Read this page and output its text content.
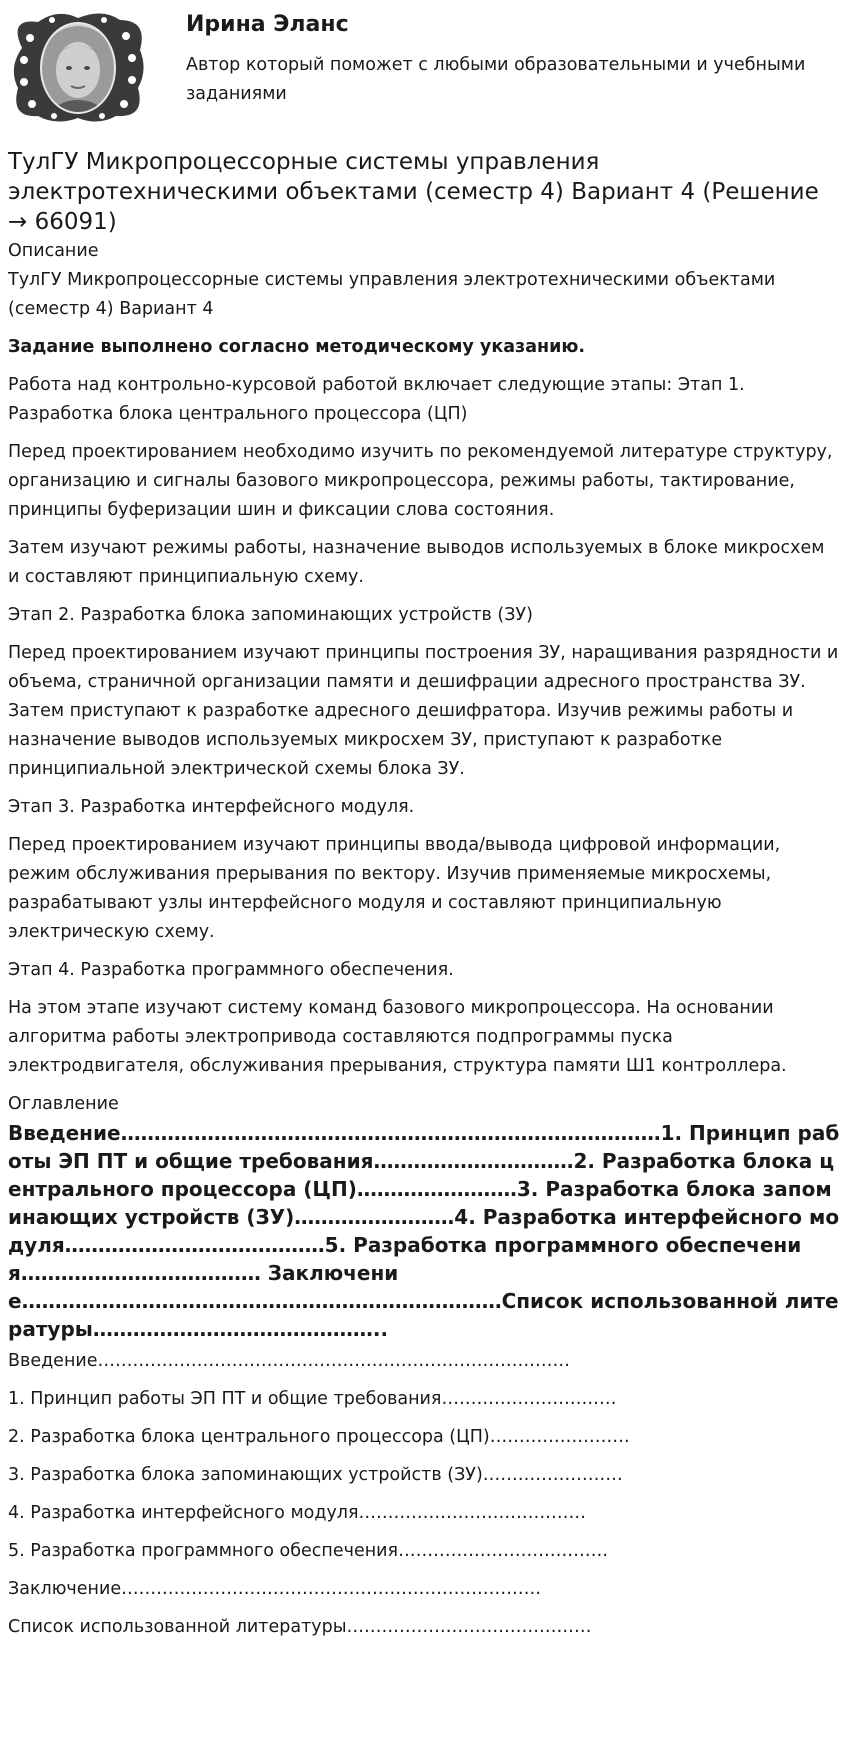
Ирина Эланс
Автор который поможет с любыми образовательными и учебными заданиями
ТулГУ Микропроцессорные системы управления электротехническими объектами (семестр 4) Вариант 4 (Решение → 66091)
Описание

ТулГУ Микропроцессорные системы управления электротехническими объектами (семестр 4) Вариант 4

Задание выполнено согласно методическому указанию.

Работа над контрольно-курсовой работой включает следующие этапы: Этап 1. Разработка блока центрального процессора (ЦП)

Перед проектированием необходимо изучить по рекомендуемой литературе структуру, организацию и сигналы базового микропроцессора, режимы работы, тактирование, принципы буферизации шин и фиксации слова состояния.

Затем изучают режимы работы, назначение выводов используемых в блоке микросхем и составляют принципиальную схему.

Этап 2. Разработка блока запоминающих устройств (ЗУ)

Перед проектированием изучают принципы построения ЗУ, наращивания разрядности и объема, страничной организации памяти и дешифрации адресного пространства ЗУ. Затем приступают к разработке адресного дешифратора. Изучив режимы работы и назначение выводов используемых микросхем ЗУ, приступают к разработке принципиальной электрической схемы блока ЗУ.

Этап 3. Разработка интерфейсного модуля.

Перед проектированием изучают принципы ввода/вывода цифровой информации, режим обслуживания прерывания по вектору. Изучив применяемые микросхемы, разрабатывают узлы интерфейсного модуля и составляют принципиальную электрическую схему.

Этап 4. Разработка программного обеспечения.

На этом этапе изучают систему команд базового микропроцессора. На основании алгоритма работы электропривода составляются подпрограммы пуска электродвигателя, обслуживания прерывания, структура памяти Ш1 контроллера.

Оглавление

Введение………………………………………………………………………1. Принцип работы ЭП ПТ и общие требования…………………………2. Разработка блока центрального процессора (ЦП)……………………3. Разработка блока запоминающих устройств (ЗУ)……………………4. Разработка интерфейсного модуля…………………………………5. Разработка программного обеспечения……………………………… Заключение………………………………………………………………Список использованной литературы……………………………………..

Введение………………………………………………………………………

1. Принцип работы ЭП ПТ и общие требования…………………………

2. Разработка блока центрального процессора (ЦП)……………………

3. Разработка блока запоминающих устройств (ЗУ)……………………

4. Разработка интерфейсного модуля…………………………………

5. Разработка программного обеспечения………………………………

Заключение………………………………………………………………

Список использованной литературы……………………………………
